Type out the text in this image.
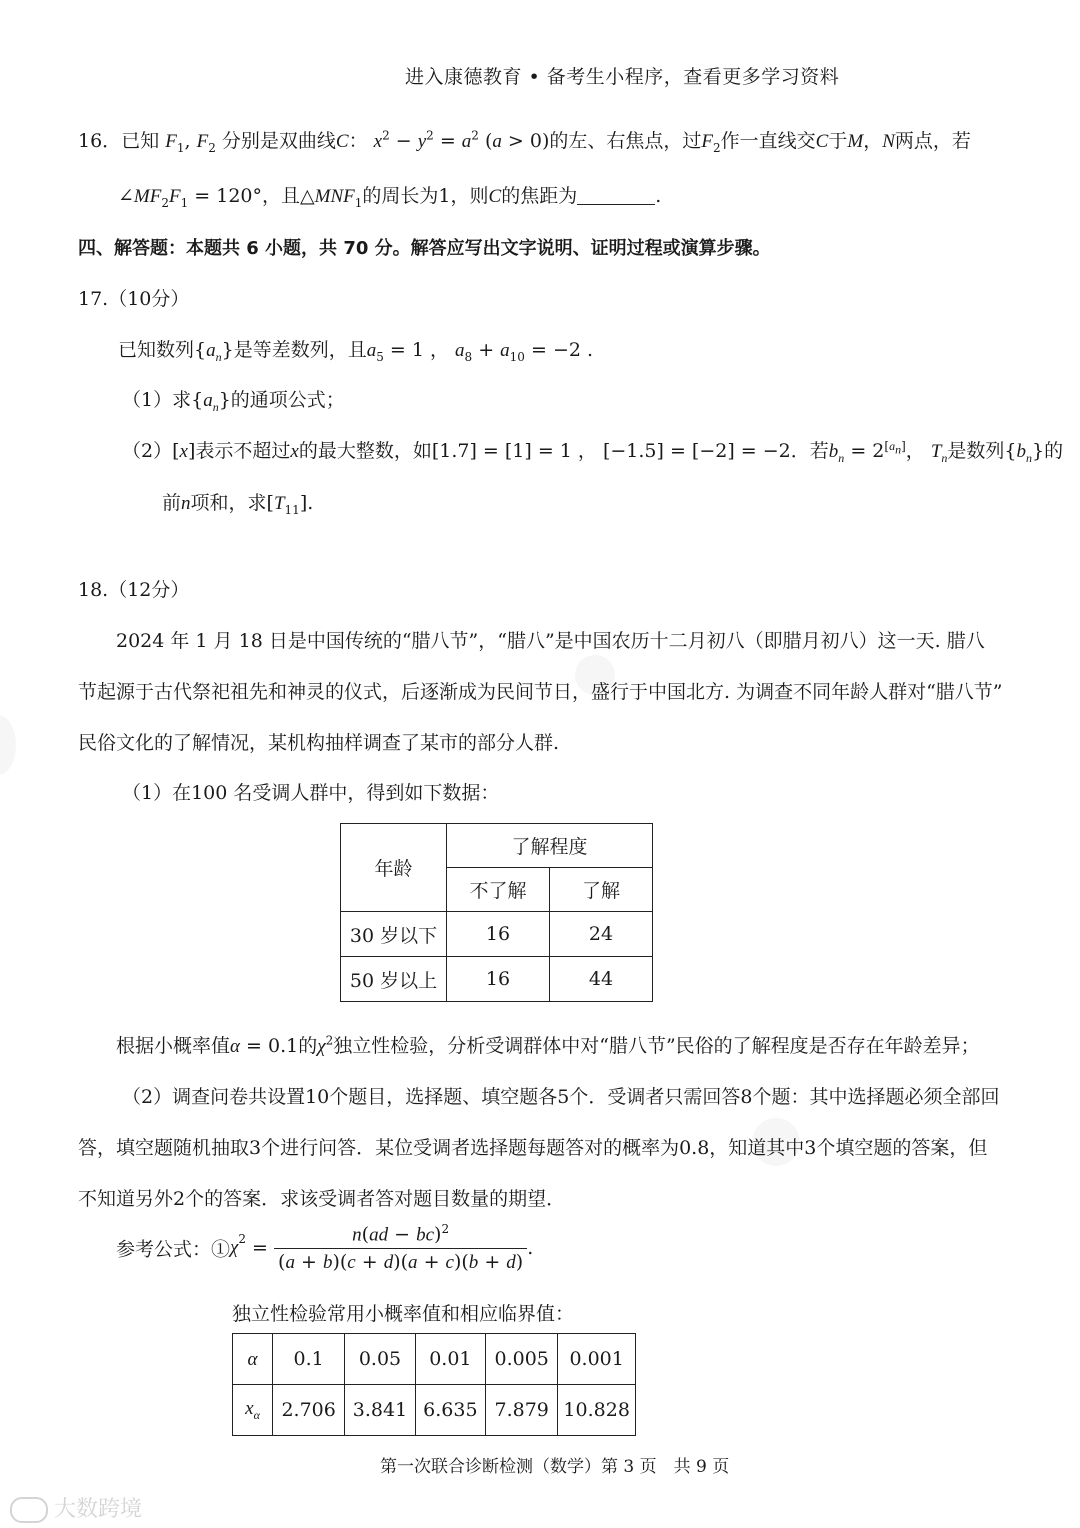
进入康德教育 • 备考生小程序，查看更多学习资料
16．已知 $F_1$, $F_2$ 分别是双曲线C： $x^2 - y^2 = a^2$ (a > 0)的左、右焦点，过$F_2$作一直线交C于M，N两点，若
$\angle MF_2F_1 = 120^\circ$，且$\triangle MNF_1$的周长为1，则C的焦距为	.
四、解答题：本题共 6 小题，共 70 分。解答应写出文字说明、证明过程或演算步骤。
17.（10分）
已知数列$\{a_n\}$是等差数列，且$a_5 = 1$ ， $a_8 + a_{10} = -2$ .
（1）求$\{a_n\}$的通项公式；
（2）[x]表示不超过x的最大整数，如[1.7] = [1] = 1 ， [−1.5] = [−2] = −2．若$b_n = 2[an]$， $T_n$是数列$\{b_n\}$的
前n项和，求$[T_{11}]$.
18.（12分）
2024 年 1 月 18 日是中国传统的“腊八节”，“腊八”是中国农历十二月初八（即腊月初八）这一天. 腊八
节起源于古代祭祀祖先和神灵的仪式，后逐渐成为民间节日，盛行于中国北方. 为调查不同年龄人群对“腊八节”
民俗文化的了解情况，某机构抽样调查了某市的部分人群.
（1）在100 名受调人群中，得到如下数据：
年龄	了解程度	
	不了解	了解
30 岁以下	16	24
50 岁以上	16	44
根据小概率值α = 0.1的$\chi^2$独立性检验，分析受调群体中对“腊八节”民俗的了解程度是否存在年龄差异；
（2）调查问卷共设置10个题目，选择题、填空题各5个．受调者只需回答8个题：其中选择题必须全部回
答，填空题随机抽取3个进行问答．某位受调者选择题每题答对的概率为0.8，知道其中3个填空题的答案，但
不知道另外2个的答案．求该受调者答对题目数量的期望．
参考公式：$①\chi^2 = \frac{n(ad - bc)^2}{(a + b)(c + d)(a + c)(b + d)}$ .
独立性检验常用小概率值和相应临界值：
α	0.1	0.05	0.01	0.005	0.001
$x_\alpha$	2.706	3.841	6.635	7.879	10.828
第一次联合诊断检测（数学）第 3 页　共 9 页
大数跨境
